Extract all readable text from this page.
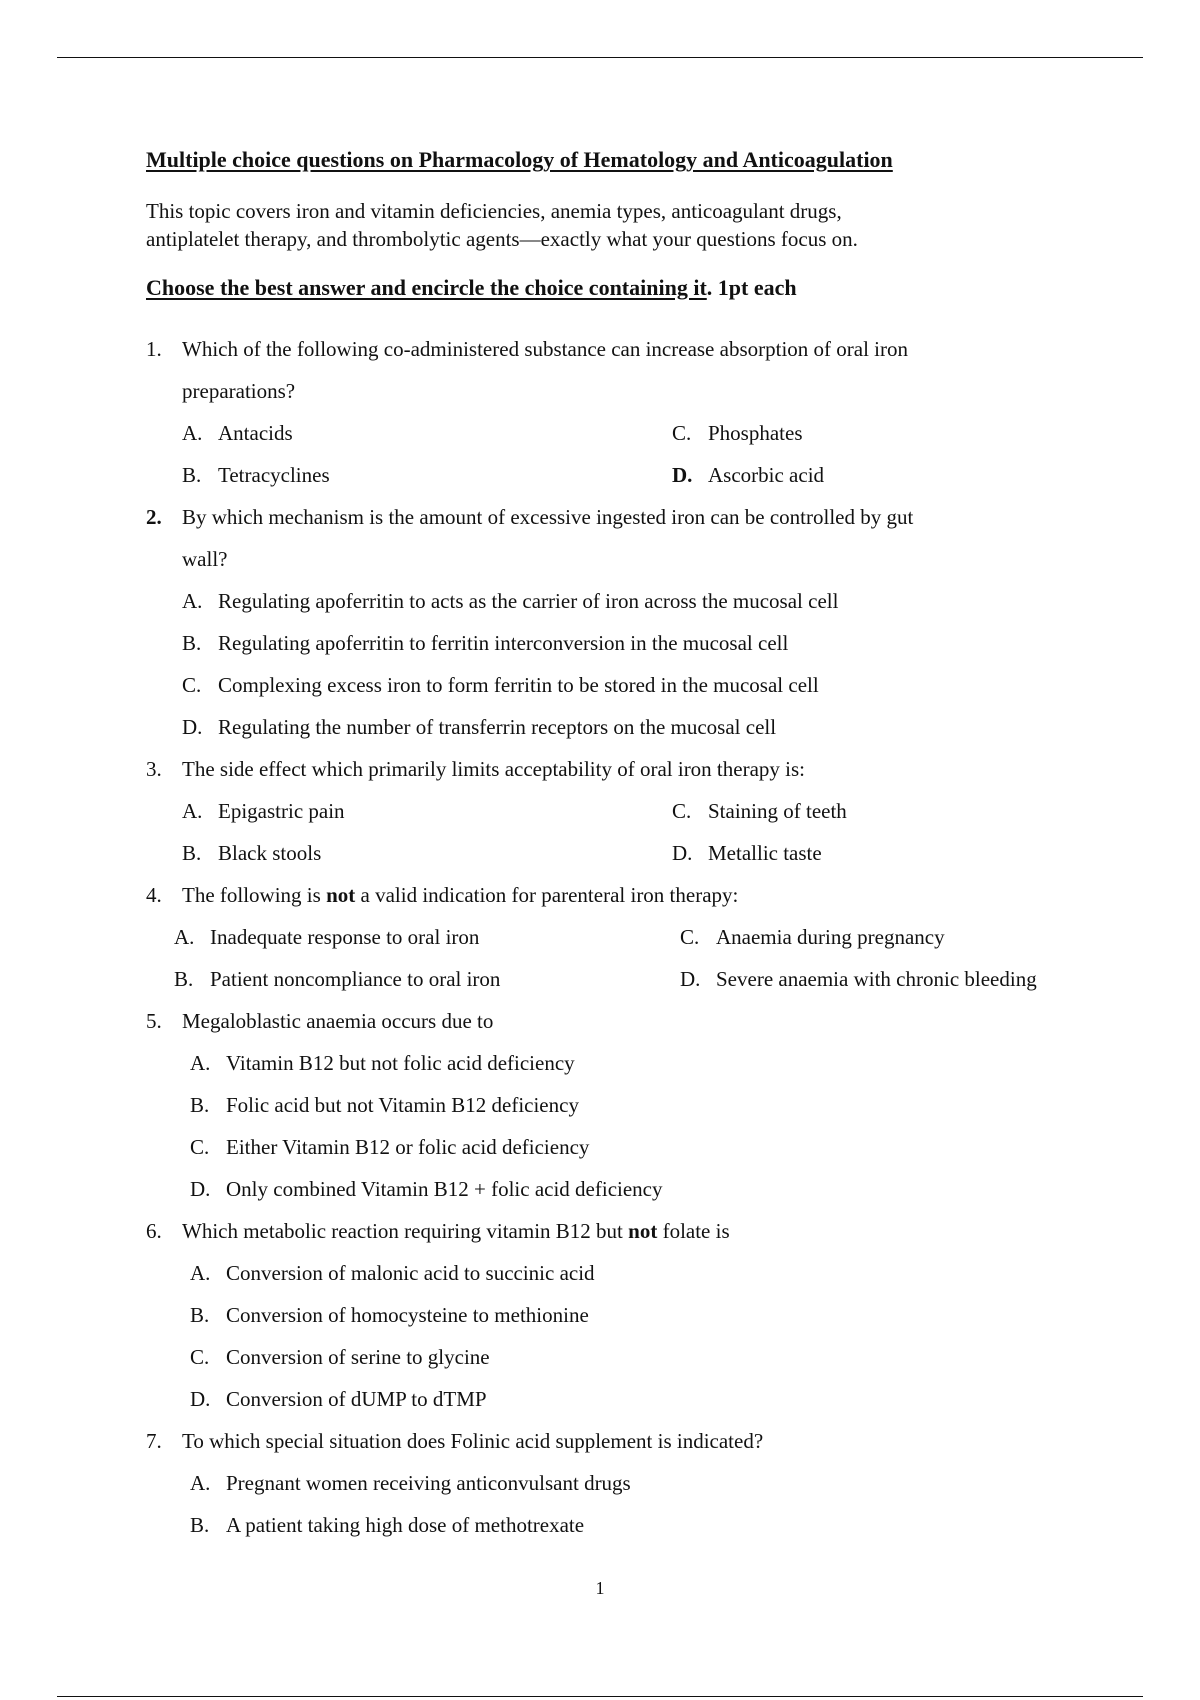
Multiple choice questions on Pharmacology of Hematology and Anticoagulation
This topic covers iron and vitamin deficiencies, anemia types, anticoagulant drugs,
antiplatelet therapy, and thrombolytic agents—exactly what your questions focus on.
Choose the best answer and encircle the choice containing it. 1pt each
1. Which of the following co-administered substance can increase absorption of oral iron
preparations?
A. Antacids	C. Phosphates
B. Tetracyclines	D. Ascorbic acid
2. By which mechanism is the amount of excessive ingested iron can be controlled by gut
wall?
A. Regulating apoferritin to acts as the carrier of iron across the mucosal cell
B. Regulating apoferritin to ferritin interconversion in the mucosal cell
C. Complexing excess iron to form ferritin to be stored in the mucosal cell
D. Regulating the number of transferrin receptors on the mucosal cell
3. The side effect which primarily limits acceptability of oral iron therapy is:
A. Epigastric pain	C. Staining of teeth
B. Black stools	D. Metallic taste
4. The following is not a valid indication for parenteral iron therapy:
A. Inadequate response to oral iron	C. Anaemia during pregnancy
B. Patient noncompliance to oral iron	D. Severe anaemia with chronic bleeding
5. Megaloblastic anaemia occurs due to
A. Vitamin B12 but not folic acid deficiency
B. Folic acid but not Vitamin B12 deficiency
C. Either Vitamin B12 or folic acid deficiency
D. Only combined Vitamin B12 + folic acid deficiency
6. Which metabolic reaction requiring vitamin B12 but not folate is
A. Conversion of malonic acid to succinic acid
B. Conversion of homocysteine to methionine
C. Conversion of serine to glycine
D. Conversion of dUMP to dTMP
7. To which special situation does Folinic acid supplement is indicated?
A. Pregnant women receiving anticonvulsant drugs
B. A patient taking high dose of methotrexate
1
